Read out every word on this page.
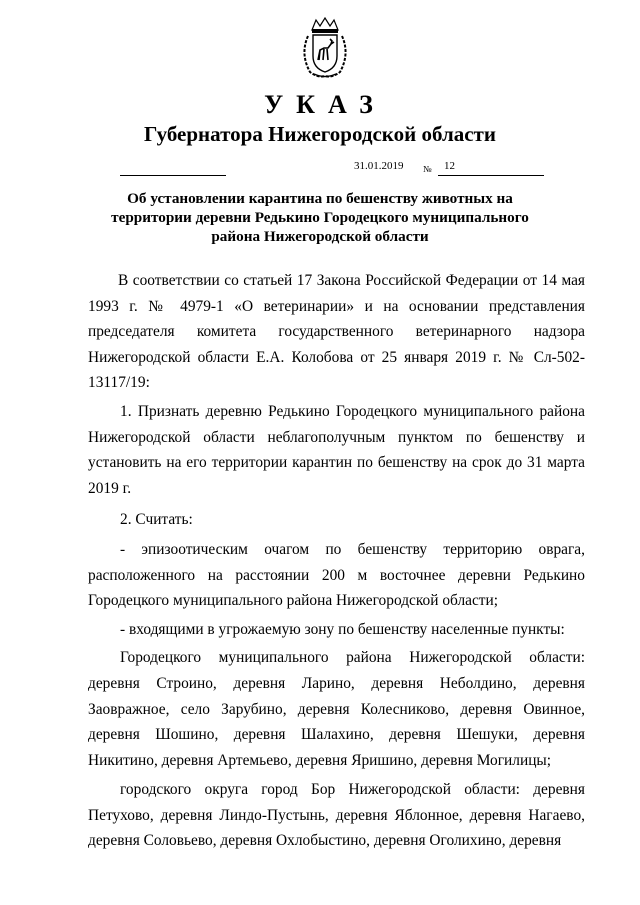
УКАЗ
Губернатора Нижегородской области
31.01.2019 № 12
Об установлении карантина по бешенству животных на
территории деревни Редькино Городецкого муниципального
района Нижегородской области

В соответствии со статьей 17 Закона Российской Федерации от 14 мая 1993 г. № 4979-1 «О ветеринарии» и на основании представления председателя комитета государственного ветеринарного надзора Нижегородской области Е.А. Колобова от 25 января 2019 г. № Сл-502-13117/19:

1. Признать деревню Редькино Городецкого муниципального района Нижегородской области неблагополучным пунктом по бешенству и установить на его территории карантин по бешенству на срок до 31 марта 2019 г.

2. Считать:

- эпизоотическим очагом по бешенству территорию оврага, расположенного на расстоянии 200 м восточнее деревни Редькино Городецкого муниципального района Нижегородской области;

- входящими в угрожаемую зону по бешенству населенные пункты:

Городецкого муниципального района Нижегородской области: деревня Строино, деревня Ларино, деревня Неболдино, деревня Заовражное, село Зарубино, деревня Колесниково, деревня Овинное, деревня Шошино, деревня Шалахино, деревня Шешуки, деревня Никитино, деревня Артемьево, деревня Яришино, деревня Могилицы;

городского округа город Бор Нижегородской области: деревня Петухово, деревня Линдо-Пустынь, деревня Яблонное, деревня Нагаево, деревня Соловьево, деревня Охлобыстино, деревня Оголихино, деревня
